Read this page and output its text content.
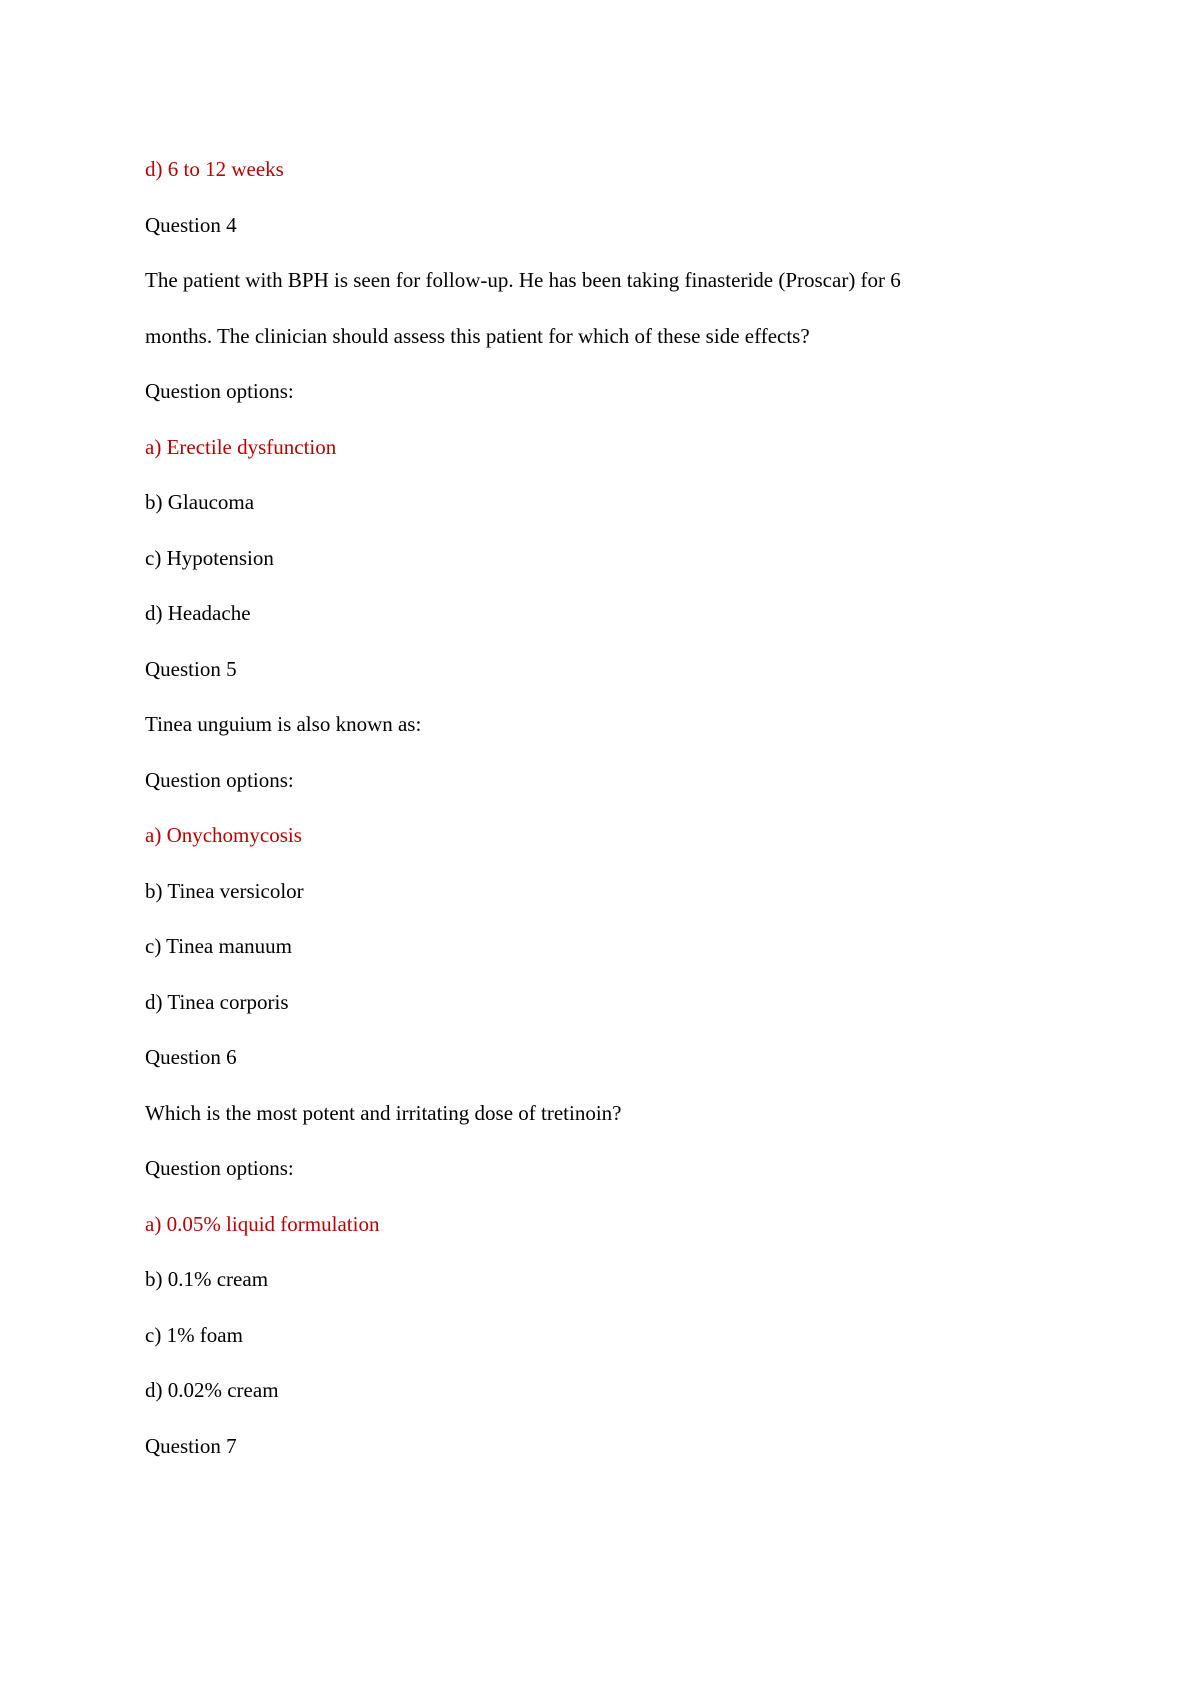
d) 6 to 12 weeks

Question 4

The patient with BPH is seen for follow-up. He has been taking finasteride (Proscar) for 6

months. The clinician should assess this patient for which of these side effects?

Question options:

a) Erectile dysfunction

b) Glaucoma

c) Hypotension

d) Headache

Question 5

Tinea unguium is also known as:

Question options:

a) Onychomycosis

b) Tinea versicolor

c) Tinea manuum

d) Tinea corporis

Question 6

Which is the most potent and irritating dose of tretinoin?

Question options:

a) 0.05% liquid formulation

b) 0.1% cream

c) 1% foam

d) 0.02% cream

Question 7
